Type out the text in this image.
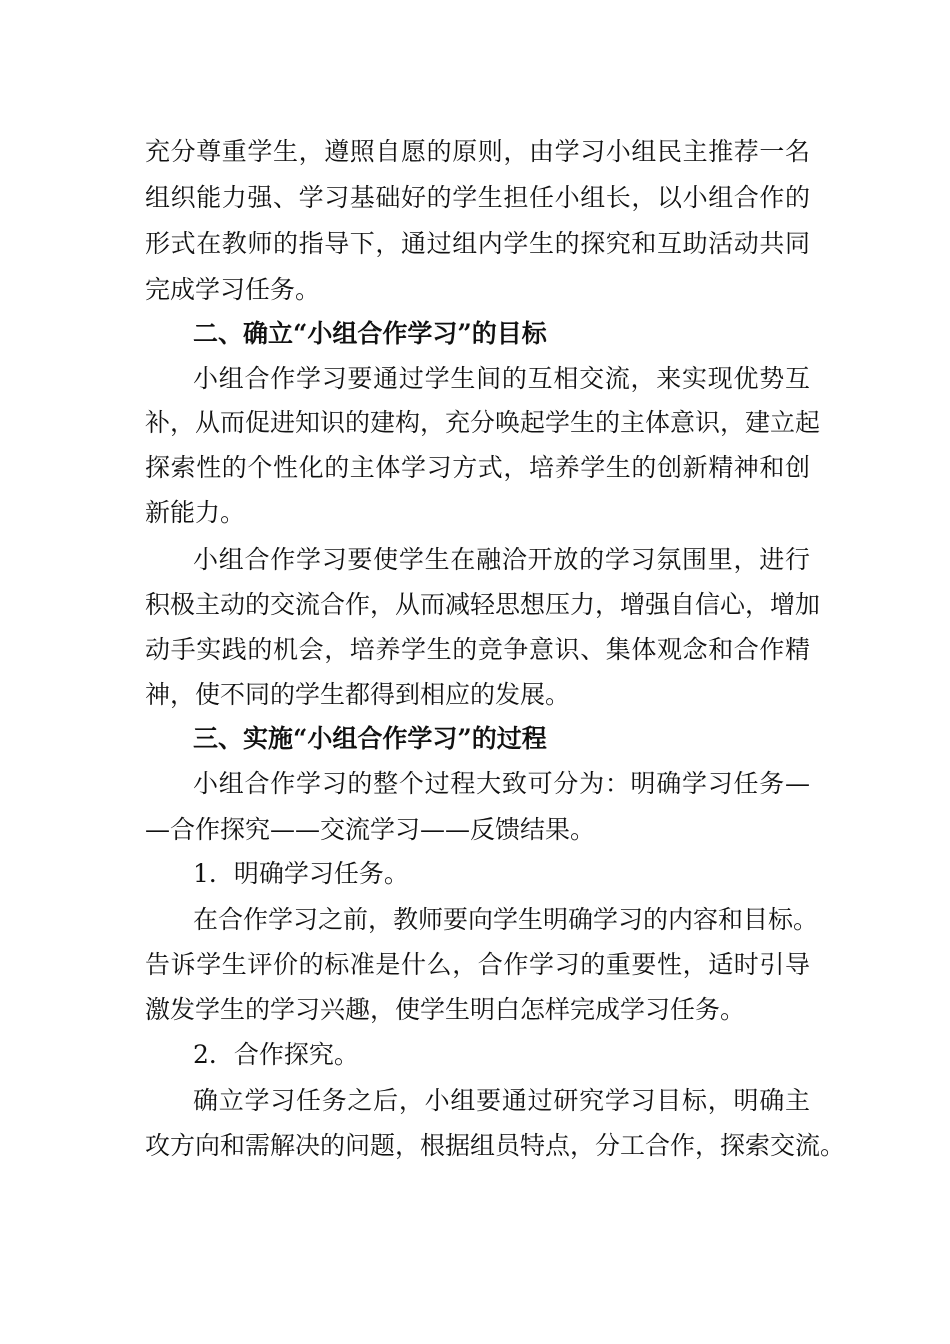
充分尊重学生，遵照自愿的原则，由学习小组民主推荐一名
组织能力强、学习基础好的学生担任小组长，以小组合作的
形式在教师的指导下，通过组内学生的探究和互助活动共同
完成学习任务。
二、确立“小组合作学习”的目标
小组合作学习要通过学生间的互相交流，来实现优势互
补，从而促进知识的建构，充分唤起学生的主体意识，建立起
探索性的个性化的主体学习方式，培养学生的创新精神和创
新能力。
小组合作学习要使学生在融洽开放的学习氛围里，进行
积极主动的交流合作，从而减轻思想压力，增强自信心，增加
动手实践的机会，培养学生的竞争意识、集体观念和合作精
神，使不同的学生都得到相应的发展。
三、实施“小组合作学习”的过程
小组合作学习的整个过程大致可分为：明确学习任务—
—合作探究——交流学习——反馈结果。
1．明确学习任务。
在合作学习之前，教师要向学生明确学习的内容和目标。
告诉学生评价的标准是什么，合作学习的重要性，适时引导
激发学生的学习兴趣，使学生明白怎样完成学习任务。
2．合作探究。
确立学习任务之后，小组要通过研究学习目标，明确主
攻方向和需解决的问题，根据组员特点，分工合作，探索交流。
